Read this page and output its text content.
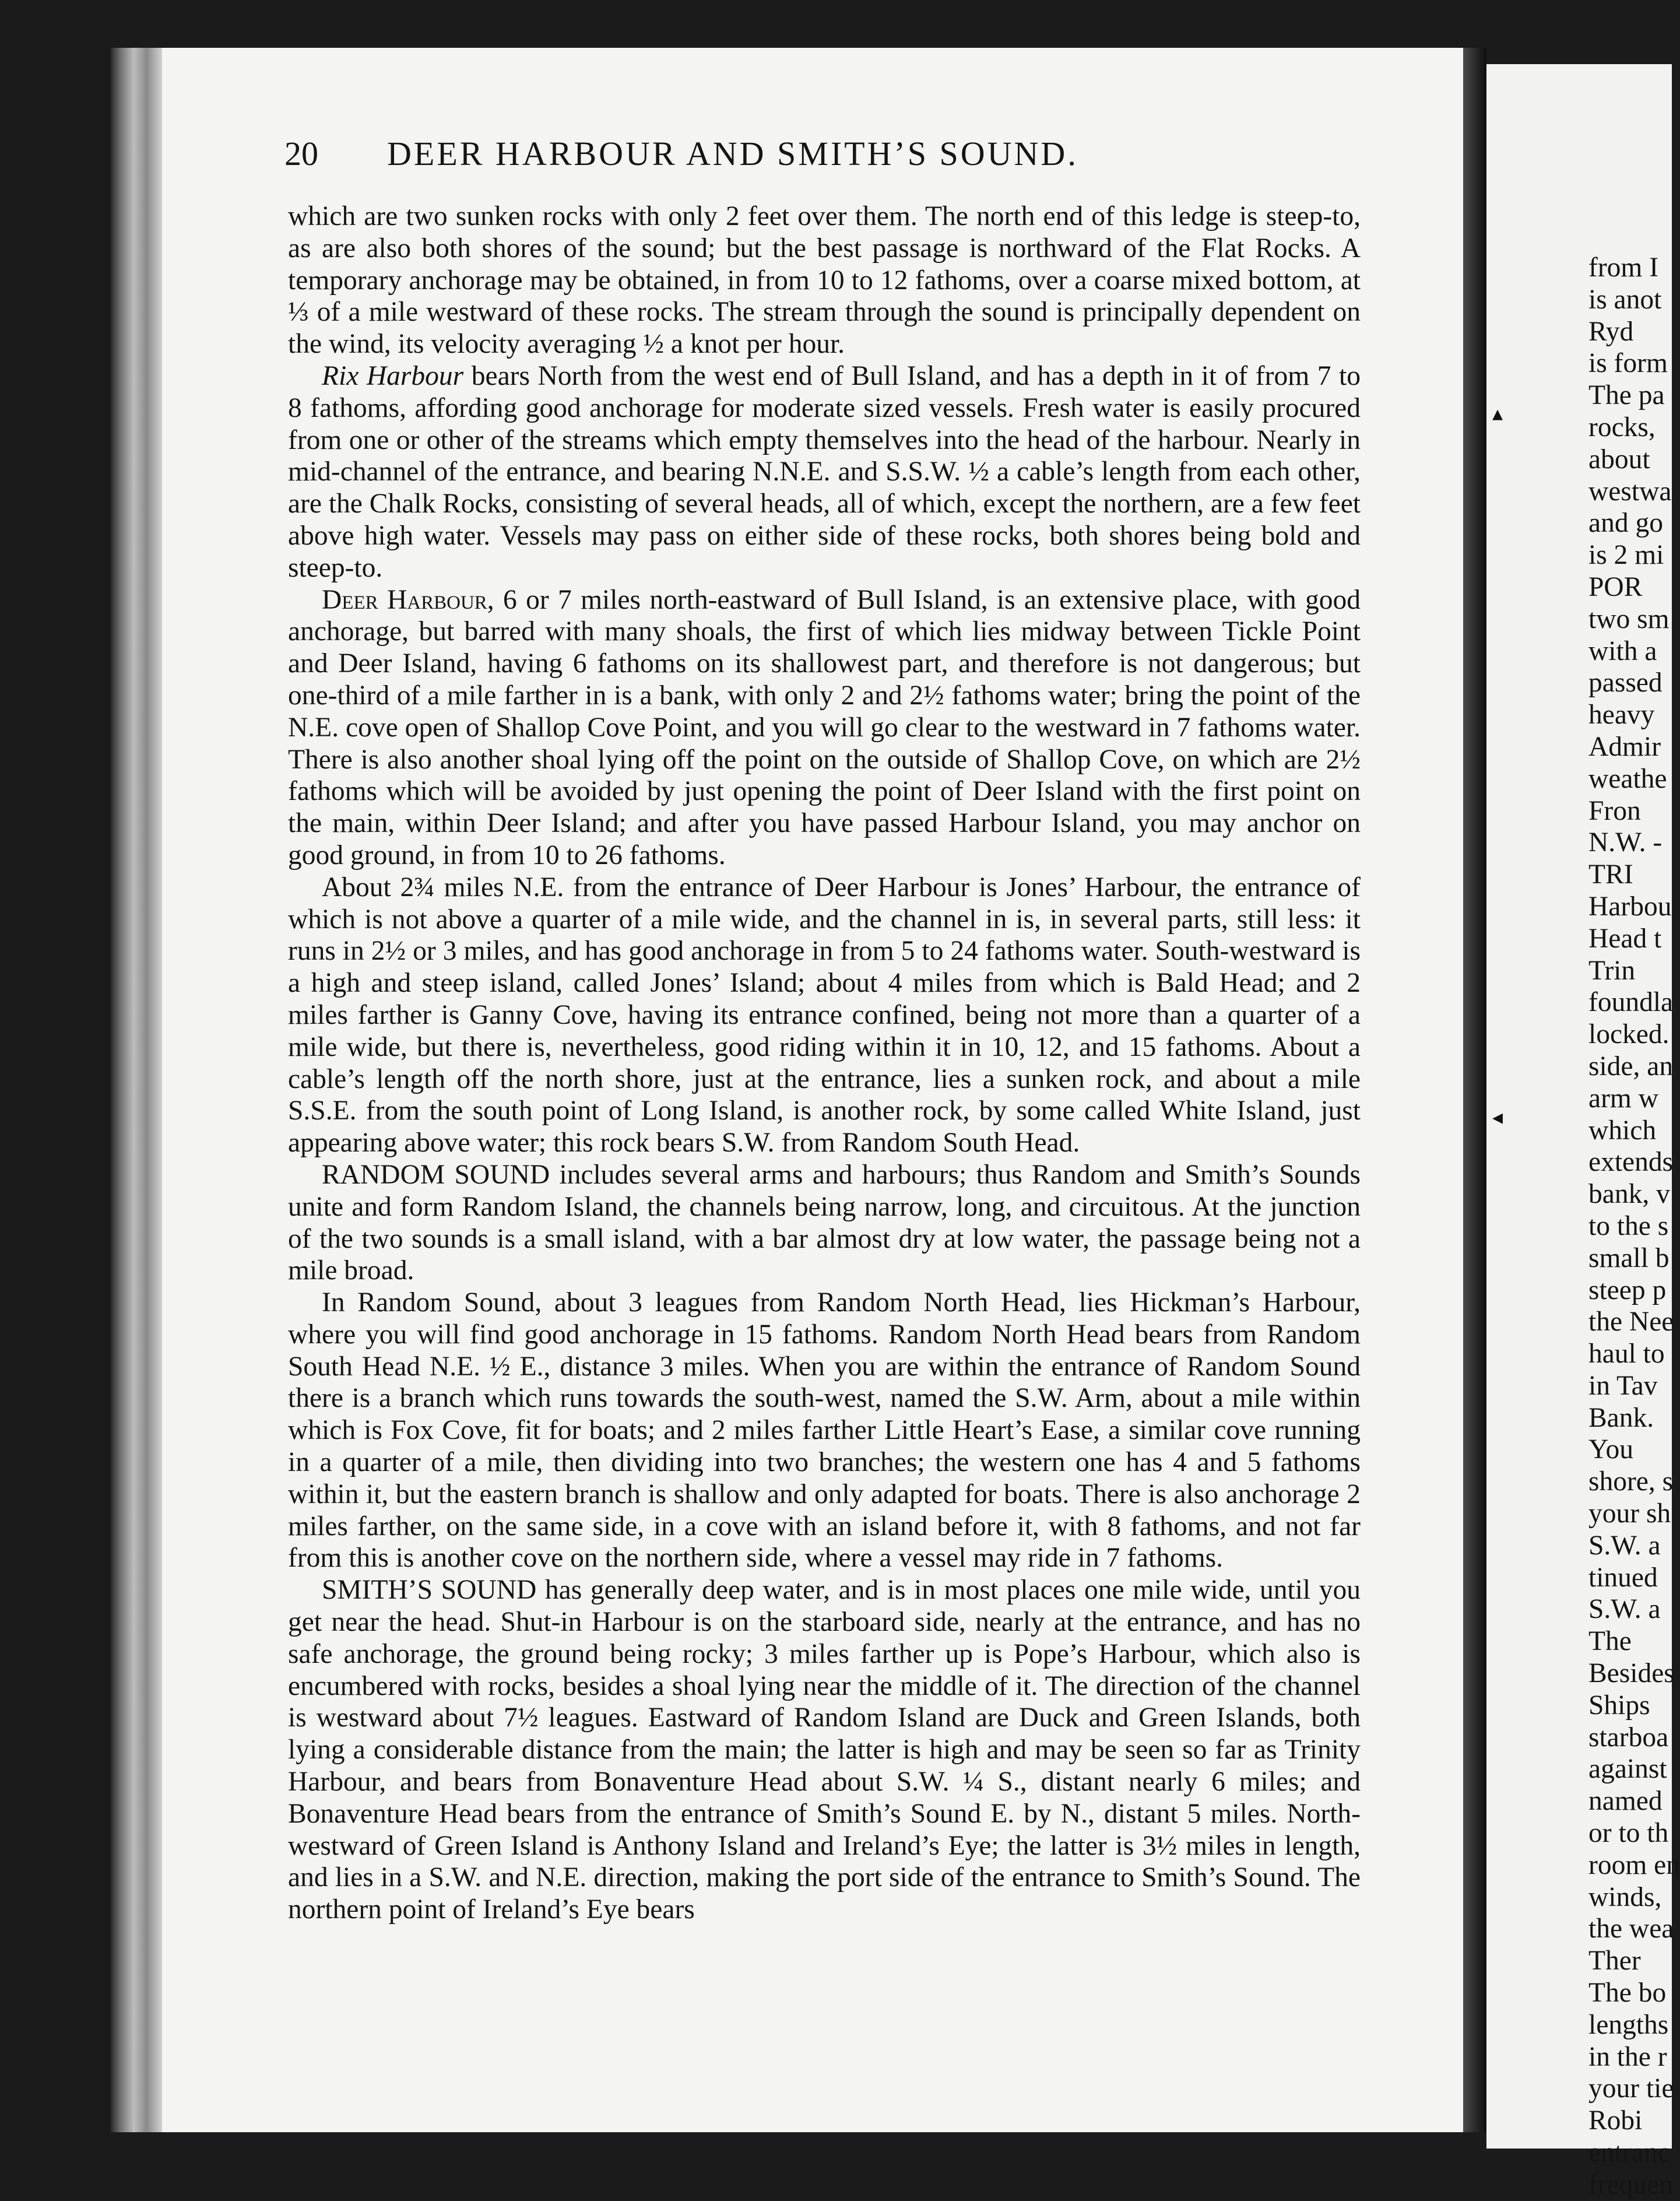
20 DEER HARBOUR AND SMITH’S SOUND.

which are two sunken rocks with only 2 feet over them. The north end of this ledge is steep-to, as are also both shores of the sound; but the best passage is northward of the Flat Rocks. A temporary anchorage may be obtained, in from 10 to 12 fathoms, over a coarse mixed bottom, at ⅓ of a mile westward of these rocks. The stream through the sound is principally dependent on the wind, its velocity averaging ½ a knot per hour.

Rix Harbour bears North from the west end of Bull Island, and has a depth in it of from 7 to 8 fathoms, affording good anchorage for moderate sized vessels. Fresh water is easily procured from one or other of the streams which empty themselves into the head of the harbour. Nearly in mid-channel of the entrance, and bearing N.N.E. and S.S.W. ½ a cable’s length from each other, are the Chalk Rocks, consisting of several heads, all of which, except the northern, are a few feet above high water. Vessels may pass on either side of these rocks, both shores being bold and steep-to.

Deer Harbour, 6 or 7 miles north-eastward of Bull Island, is an extensive place, with good anchorage, but barred with many shoals, the first of which lies midway between Tickle Point and Deer Island, having 6 fathoms on its shallowest part, and therefore is not dangerous; but one-third of a mile farther in is a bank, with only 2 and 2½ fathoms water; bring the point of the N.E. cove open of Shallop Cove Point, and you will go clear to the westward in 7 fathoms water. There is also another shoal lying off the point on the outside of Shallop Cove, on which are 2½ fathoms which will be avoided by just opening the point of Deer Island with the first point on the main, within Deer Island; and after you have passed Harbour Island, you may anchor on good ground, in from 10 to 26 fathoms.

About 2¾ miles N.E. from the entrance of Deer Harbour is Jones’ Harbour, the entrance of which is not above a quarter of a mile wide, and the channel in is, in several parts, still less: it runs in 2½ or 3 miles, and has good anchorage in from 5 to 24 fathoms water. South-westward is a high and steep island, called Jones’ Island; about 4 miles from which is Bald Head; and 2 miles farther is Ganny Cove, having its entrance confined, being not more than a quarter of a mile wide, but there is, nevertheless, good riding within it in 10, 12, and 15 fathoms. About a cable’s length off the north shore, just at the entrance, lies a sunken rock, and about a mile S.S.E. from the south point of Long Island, is another rock, by some called White Island, just appearing above water; this rock bears S.W. from Random South Head.

RANDOM SOUND includes several arms and harbours; thus Random and Smith’s Sounds unite and form Random Island, the channels being narrow, long, and circuitous. At the junction of the two sounds is a small island, with a bar almost dry at low water, the passage being not a mile broad.

In Random Sound, about 3 leagues from Random North Head, lies Hickman’s Harbour, where you will find good anchorage in 15 fathoms. Random North Head bears from Random South Head N.E. ½ E., distance 3 miles. When you are within the entrance of Random Sound there is a branch which runs towards the south-west, named the S.W. Arm, about a mile within which is Fox Cove, fit for boats; and 2 miles farther Little Heart’s Ease, a similar cove running in a quarter of a mile, then dividing into two branches; the western one has 4 and 5 fathoms within it, but the eastern branch is shallow and only adapted for boats. There is also anchorage 2 miles farther, on the same side, in a cove with an island before it, with 8 fathoms, and not far from this is another cove on the northern side, where a vessel may ride in 7 fathoms.

SMITH’S SOUND has generally deep water, and is in most places one mile wide, until you get near the head. Shut-in Harbour is on the starboard side, nearly at the entrance, and has no safe anchorage, the ground being rocky; 3 miles farther up is Pope’s Harbour, which also is encumbered with rocks, besides a shoal lying near the middle of it. The direction of the channel is westward about 7½ leagues. Eastward of Random Island are Duck and Green Islands, both lying a considerable distance from the main; the latter is high and may be seen so far as Trinity Harbour, and bears from Bonaventure Head about S.W. ¼ S., distant nearly 6 miles; and Bonaventure Head bears from the entrance of Smith’s Sound E. by N., distant 5 miles. North-westward of Green Island is Anthony Island and Ireland’s Eye; the latter is 3½ miles in length, and lies in a S.W. and N.E. direction, making the port side of the entrance to Smith’s Sound. The northern point of Ireland’s Eye bears

▴
◂
from I
is anot
Ryd
is form
The pa
rocks,
about
westwa
and go
is 2 mi
POR
two sm
with a
passed
heavy
Admir
weathe
Fron
N.W. -
TRI
Harbou
Head t
Trin
foundla
locked.
side, an
arm w
which
extends
bank, v
to the s
small b
steep p
the Nee
haul to
in Tav
Bank.
You
shore, s
your sh
S.W. a
tinued
S.W. a
The
Besides
Ships
starboa
against
named
or to th
room en
winds,
the wea
Ther
The bo
lengths
in the r
your tie
Robi
entranc
frequen
